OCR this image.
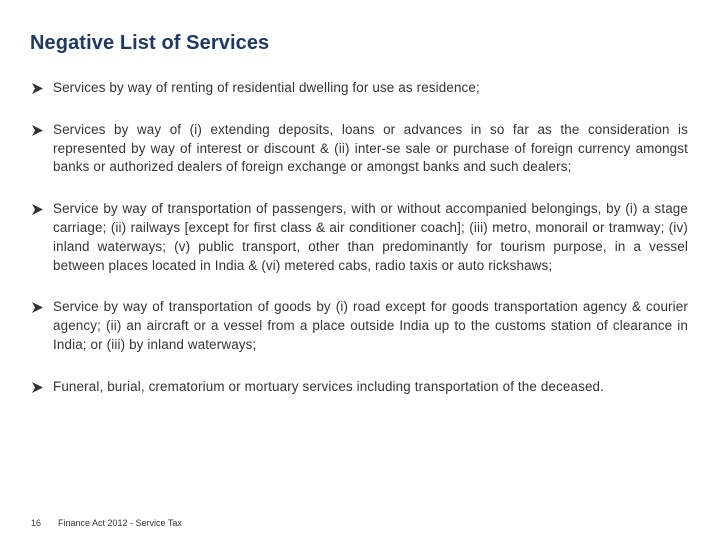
Negative List of Services
Services by way of renting of residential dwelling for use as residence;
Services by way of (i) extending deposits, loans or advances in so far as the consideration is represented by way of interest or discount & (ii) inter-se sale or purchase of foreign currency amongst banks or authorized dealers of foreign exchange or amongst banks and such dealers;
Service by way of transportation of passengers, with or without accompanied belongings, by (i) a stage carriage; (ii) railways [except for first class & air conditioner coach]; (iii) metro, monorail or tramway; (iv) inland waterways; (v) public transport, other than predominantly for tourism purpose, in a vessel between places located in India & (vi) metered cabs, radio taxis or auto rickshaws;
Service by way of transportation of goods by (i) road except for goods transportation agency & courier agency; (ii) an aircraft or a vessel from a place outside India up to the customs station of clearance in India; or (iii) by inland waterways;
Funeral, burial, crematorium or mortuary services including transportation of the deceased.
16 Finance Act 2012 - Service Tax
